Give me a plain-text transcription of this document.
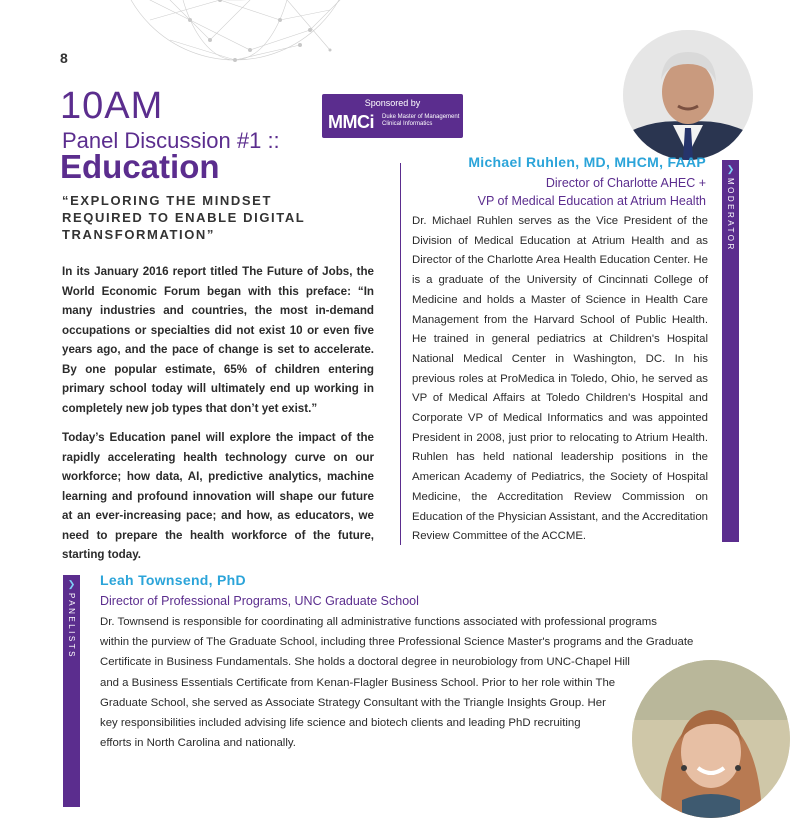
8
10AM	Sponsored by
MMCi Duke Master of Management Clinical Informatics
Panel Discussion #1 ::
Education
“EXPLORING THE MINDSET REQUIRED TO ENABLE DIGITAL TRANSFORMATION”

In its January 2016 report titled The Future of Jobs, the World Economic Forum began with this preface: “In many industries and countries, the most in-demand occupations or specialties did not exist 10 or even five years ago, and the pace of change is set to accelerate. By one popular estimate, 65% of children entering primary school today will ultimately end up working in completely new job types that don’t yet exist.”

Today’s Education panel will explore the impact of the rapidly accelerating health technology curve on our workforce; how data, AI, predictive analytics, machine learning and profound innovation will shape our future at an ever-increasing pace; and how, as educators, we need to prepare the health workforce of the future, starting today.

Michael Ruhlen, MD, MHCM, FAAP
Director of Charlotte AHEC +
VP of Medical Education at Atrium Health
Dr. Michael Ruhlen serves as the Vice President of the Division of Medical Education at Atrium Health and as Director of the Charlotte Area Health Education Center. He is a graduate of the University of Cincinnati College of Medicine and holds a Master of Science in Health Care Management from the Harvard School of Public Health. He trained in general pediatrics at Children's Hospital National Medical Center in Washington, DC. In his previous roles at ProMedica in Toledo, Ohio, he served as VP of Medical Affairs at Toledo Children's Hospital and Corporate VP of Medical Informatics and was appointed President in 2008, just prior to relocating to Atrium Health. Ruhlen has held national leadership positions in the American Academy of Pediatrics, the Society of Hospital Medicine, the Accreditation Review Commission on Education of the Physician Assistant, and the Accreditation Review Committee of the ACCME.
❯
MODERATOR
❯
PANELISTS
Leah Townsend, PhD
Director of Professional Programs, UNC Graduate School
Dr. Townsend is responsible for coordinating all administrative functions associated with professional programs
within the purview of The Graduate School, including three Professional Science Master's programs and the Graduate
Certificate in Business Fundamentals. She holds a doctoral degree in neurobiology from UNC-Chapel Hill
and a Business Essentials Certificate from Kenan-Flagler Business School. Prior to her role within The
Graduate School, she served as Associate Strategy Consultant with the Triangle Insights Group. Her
key responsibilities included advising life science and biotech clients and leading PhD recruiting
efforts in North Carolina and nationally.
